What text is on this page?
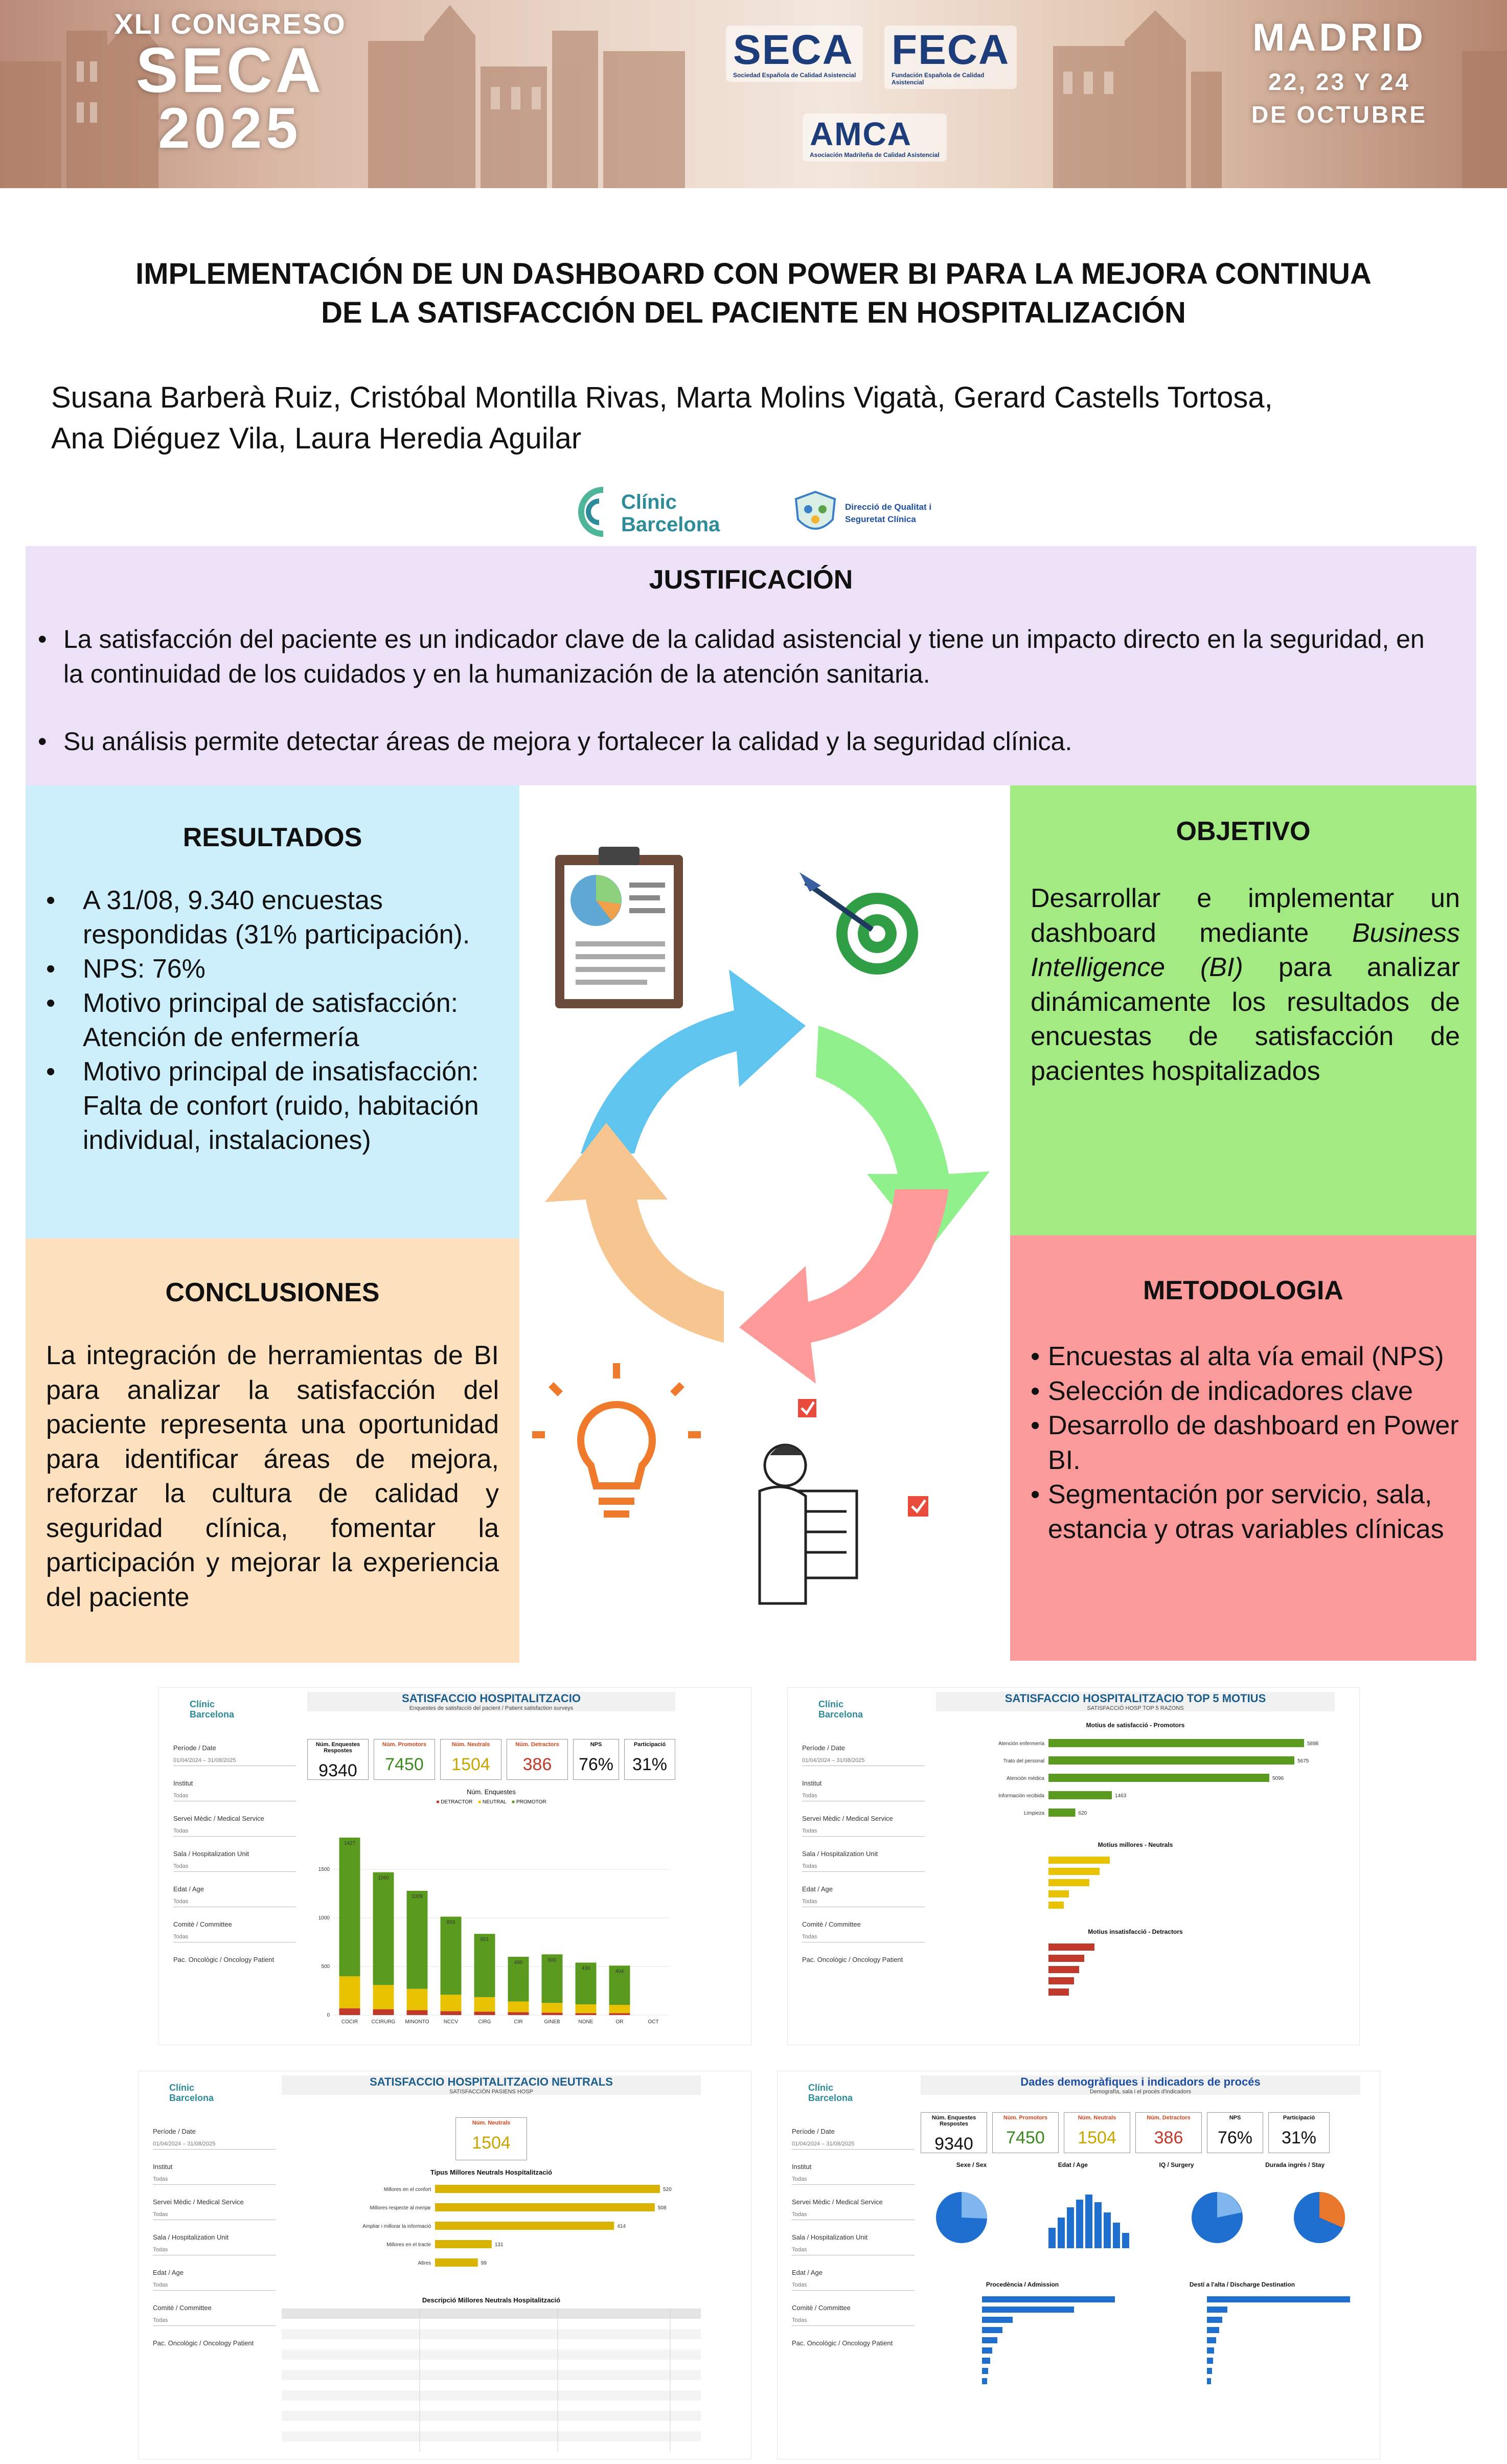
XLI CONGRESO
SECA
2025
SECA
Sociedad Española de Calidad Asistencial
FECA
Fundación Española de Calidad Asistencial
AMCA
Asociación Madrileña de Calidad Asistencial
MADRID
22, 23 Y 24
DE OCTUBRE
IMPLEMENTACIÓN DE UN DASHBOARD CON POWER BI PARA LA MEJORA CONTINUA
DE LA SATISFACCIÓN DEL PACIENTE EN HOSPITALIZACIÓN
Susana Barberà Ruiz, Cristóbal Montilla Rivas, Marta Molins Vigatà, Gerard Castells Tortosa,
Ana Diéguez Vila, Laura Heredia Aguilar
Clínic
Barcelona
Direcció de Qualitat i
Seguretat Clínica
JUSTIFICACIÓN
• La satisfacción del paciente es un indicador clave de la calidad asistencial y tiene un impacto directo en la seguridad, en la continuidad de los cuidados y en la humanización de la atención sanitaria.
• Su análisis permite detectar áreas de mejora y fortalecer la calidad y la seguridad clínica.
RESULTADOS
• A 31/08, 9.340 encuestas respondidas (31% participación).
• NPS: 76%
• Motivo principal de satisfacción: Atención de enfermería
• Motivo principal de insatisfacción: Falta de confort (ruido, habitación individual, instalaciones)
CONCLUSIONES
La integración de herramientas de BI para analizar la satisfacción del paciente representa una oportunidad para identificar áreas de mejora, reforzar la cultura de calidad y seguridad clínica, fomentar la participación y mejorar la experiencia del paciente
OBJETIVO
Desarrollar e implementar un dashboard mediante Business Intelligence (BI) para analizar dinámicamente los resultados de encuestas de satisfacción de pacientes hospitalizados
METODOLOGIA
• Encuestas al alta vía email (NPS)
• Selección de indicadores clave
• Desarrollo de dashboard en Power BI.
• Segmentación por servicio, sala, estancia y otras variables clínicas
Clínic
Barcelona
Període / Date
01/04/2024 – 31/08/2025
Institut
Todas
Servei Mèdic / Medical Service
Todas
Sala / Hospitalization Unit
Todas
Edat / Age
Todas
Comitè / Committee
Todas
Pac. Oncològic / Oncology Patient
SATISFACCIO HOSPITALITZACIO
Enquestes de satisfacció del pacient / Patient satisfaction surveys
Núm. Enquestes Respostes
9340
Núm. Promotors
7450
Núm. Neutrals
1504
Núm. Detractors
386
NPS
76%
Participació
31%
Núm. Enquestes
■ DETRACTOR ■ NEUTRAL ■ PROMOTOR
0
500
1000
1500
1427
COCIR
1160
CCIRURG
1009
MINONTO
803
NCCV
651
CIRG
460
CIR
500
GINEB
430
NONE
404
OR	OCT
Clínic
Barcelona
Període / Date
01/04/2024 – 31/08/2025
Institut
Todas
Servei Mèdic / Medical Service
Todas
Sala / Hospitalization Unit
Todas
Edat / Age
Todas
Comitè / Committee
Todas
Pac. Oncològic / Oncology Patient
SATISFACCIO HOSPITALITZACIO TOP 5 MOTIUS
SATISFACCIÓ HOSP TOP 5 RAZONS
Motius de satisfacció - Promotors
Atención enfermería	5898
Trato del personal	5675
Atención médica	5096
Información recibida	1463
Limpieza	620
Motius millores - Neutrals
Motius insatisfacció - Detractors
Clínic
Barcelona
Període / Date
01/04/2024 – 31/08/2025
Institut
Todas
Servei Mèdic / Medical Service
Todas
Sala / Hospitalization Unit
Todas
Edat / Age
Todas
Comitè / Committee
Todas
Pac. Oncològic / Oncology Patient
SATISFACCIO HOSPITALITZACIO NEUTRALS
SATISFACCIÓN PASIENS HOSP
Núm. Neutrals
1504
Tipus Millores Neutrals Hospitalització
Millores en el confort	520
Millores respecte al menjar	508
Ampliar i millorar la informació	414
Millores en el tracte	131
Altres	99
Descripció Millores Neutrals Hospitalització
Clínic
Barcelona
Període / Date
01/04/2024 – 31/08/2025
Institut
Todas
Servei Mèdic / Medical Service
Todas
Sala / Hospitalization Unit
Todas
Edat / Age
Todas
Comitè / Committee
Todas
Pac. Oncològic / Oncology Patient
Dades demogràfiques i indicadors de procés
Demografía, sala i el procés d'indicadors
Núm. Enquestes Respostes
9340
Núm. Promotors
7450
Núm. Neutrals
1504
Núm. Detractors
386
NPS
76%
Participació
31%
Sexe / Sex	Edat / Age	IQ / Surgery	Durada ingrés / Stay
Procedència / Admission	Destí a l'alta / Discharge Destination
